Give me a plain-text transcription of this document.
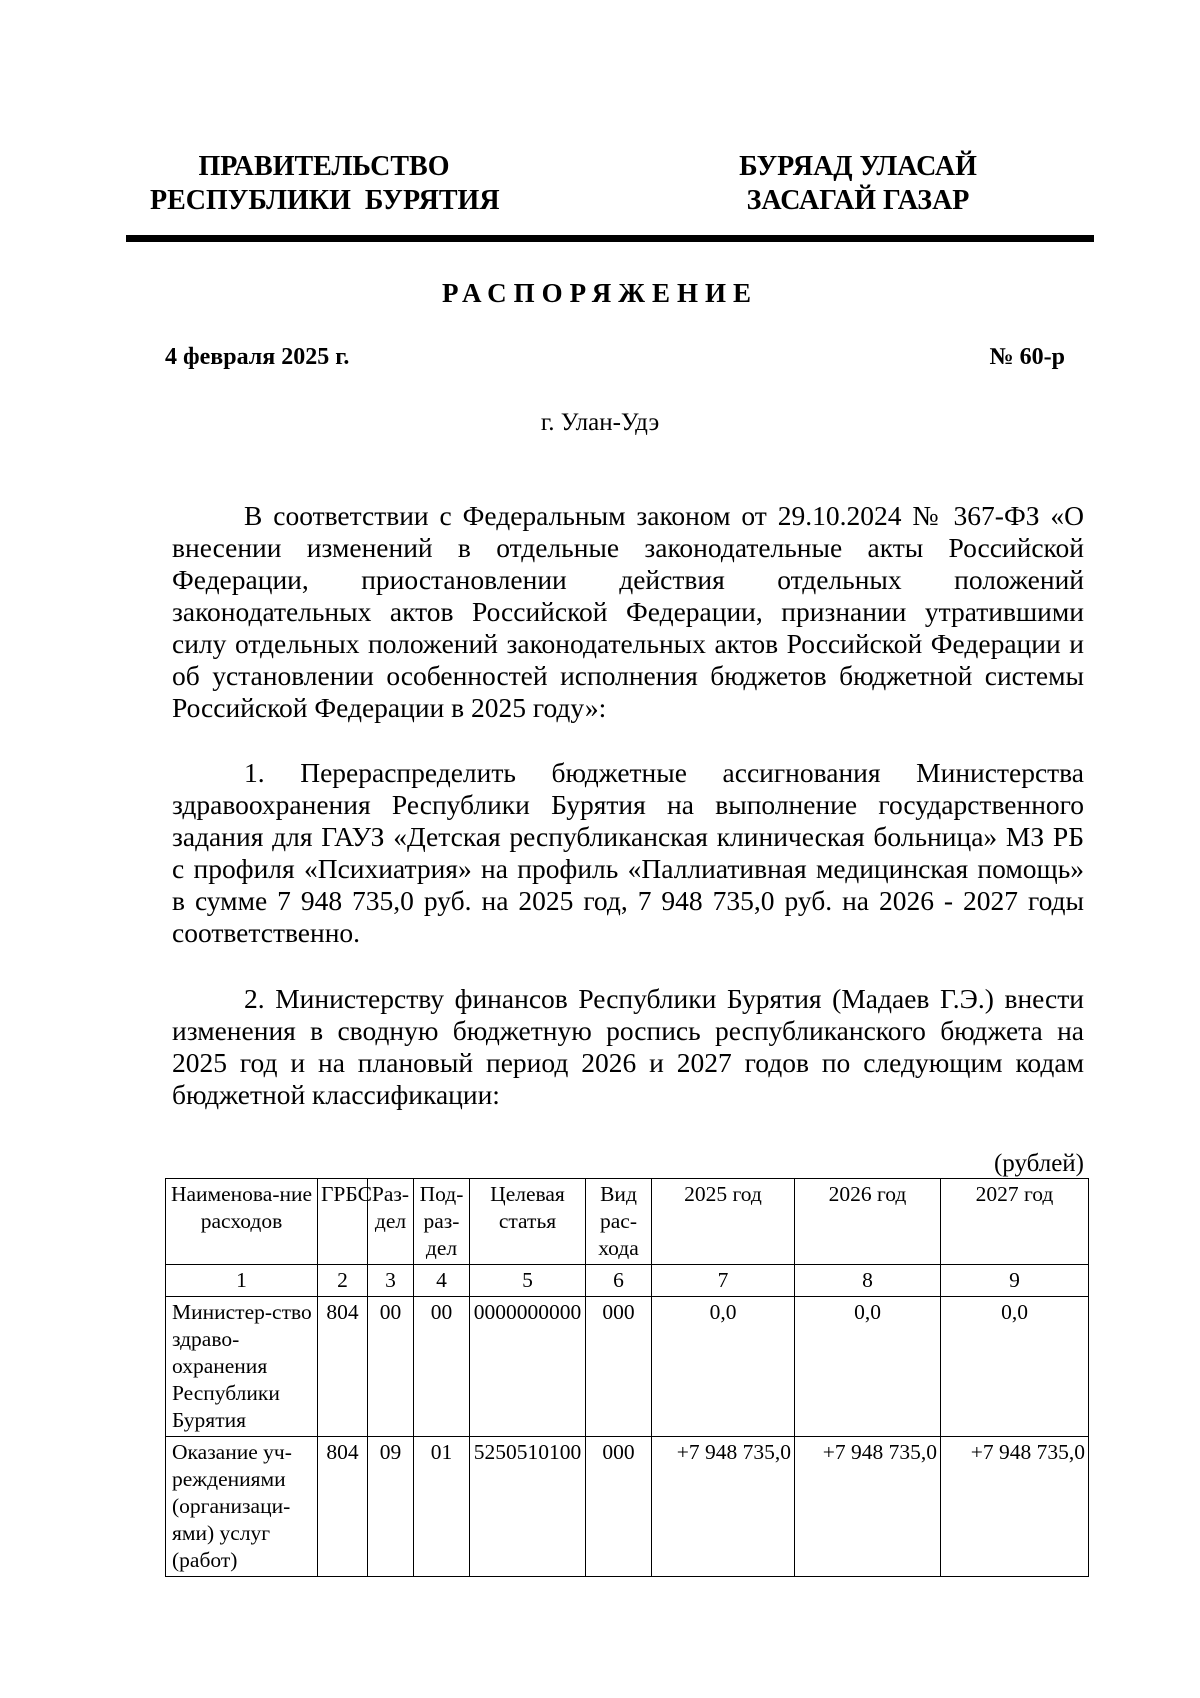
ПРАВИТЕЛЬСТВО
РЕСПУБЛИКИ  БУРЯТИЯ
БУРЯАД УЛАСАЙ
ЗАСАГАЙ ГАЗАР
РАСПОРЯЖЕНИЕ
4 февраля 2025 г.	№ 60-р
г. Улан-Удэ

В соответствии с Федеральным законом от 29.10.2024 № 367-ФЗ «О внесении изменений в отдельные законодательные акты Российской Федерации, приостановлении действия отдельных положений законодательных актов Российской Федерации, признании утратившими силу отдельных положений законодательных актов Российской Федерации и об установлении особенностей исполнения бюджетов бюджетной системы Российской Федерации в 2025 году»:

1. Перераспределить бюджетные ассигнования Министерства здравоохранения Республики Бурятия на выполнение государственного задания для ГАУЗ «Детская республиканская клиническая больница» МЗ РБ с профиля «Психиатрия» на профиль «Паллиативная медицинская помощь» в сумме 7 948 735,0 руб. на 2025 год, 7 948 735,0 руб. на 2026 - 2027 годы соответственно.

2. Министерству финансов Республики Бурятия (Мадаев Г.Э.) внести изменения в сводную бюджетную роспись республиканского бюджета на 2025 год и на плановый период 2026 и 2027 годов по следующим кодам бюджетной классификации:

(рублей)
Наименова-ние расходов	ГРБС	Раз-дел	Под-раз-дел	Целевая статья	Вид рас-хода	2025 год	2026 год	2027 год
1	2	3	4	5	6	7	8	9
Министер-ство здраво-охранения Республики Бурятия	804	00	00	0000000000	000	0,0	0,0	0,0
Оказание уч-реждениями (организаци-ями) услуг (работ)	804	09	01	5250510100	000	+7 948 735,0	+7 948 735,0	+7 948 735,0
